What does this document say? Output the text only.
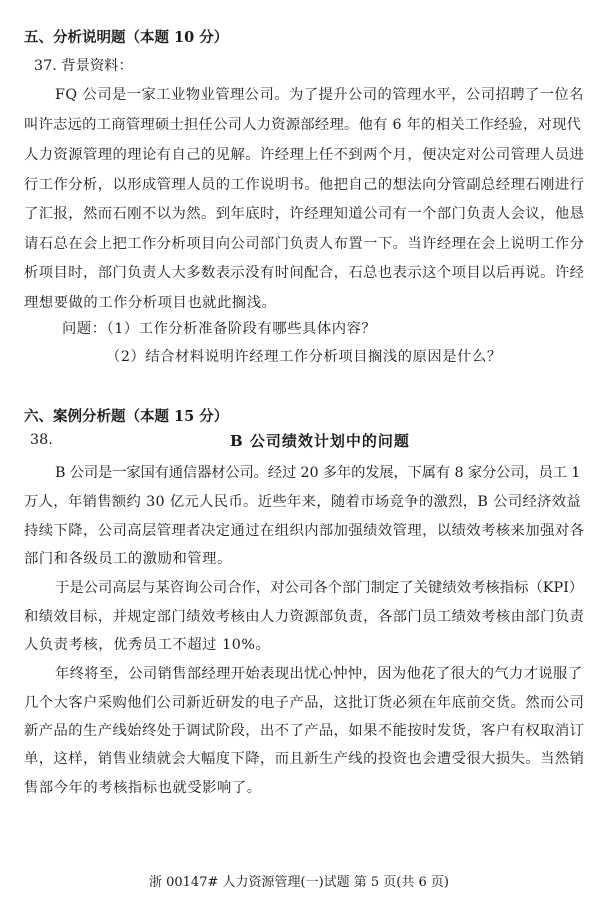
五、分析说明题（本题 10 分）
37. 背景资料：
FQ 公司是一家工业物业管理公司。为了提升公司的管理水平，公司招聘了一位名
叫许志远的工商管理硕士担任公司人力资源部经理。他有 6 年的相关工作经验，对现代
人力资源管理的理论有自己的见解。许经理上任不到两个月，便决定对公司管理人员进
行工作分析，以形成管理人员的工作说明书。他把自己的想法向分管副总经理石刚进行
了汇报，然而石刚不以为然。到年底时，许经理知道公司有一个部门负责人会议，他恳
请石总在会上把工作分析项目向公司部门负责人布置一下。当许经理在会上说明工作分
析项目时，部门负责人大多数表示没有时间配合，石总也表示这个项目以后再说。许经
理想要做的工作分析项目也就此搁浅。
问题：（1）工作分析准备阶段有哪些具体内容？
（2）结合材料说明许经理工作分析项目搁浅的原因是什么？
六、案例分析题（本题 15 分）
38.	B 公司绩效计划中的问题
B 公司是一家国有通信器材公司。经过 20 多年的发展，下属有 8 家分公司，员工 1
万人，年销售额约 30 亿元人民币。近些年来，随着市场竞争的激烈，B 公司经济效益
持续下降，公司高层管理者决定通过在组织内部加强绩效管理，以绩效考核来加强对各
部门和各级员工的激励和管理。
于是公司高层与某咨询公司合作，对公司各个部门制定了关键绩效考核指标（KPI）
和绩效目标，并规定部门绩效考核由人力资源部负责，各部门员工绩效考核由部门负责
人负责考核，优秀员工不超过 10%。
年终将至，公司销售部经理开始表现出忧心忡忡，因为他花了很大的气力才说服了
几个大客户采购他们公司新近研发的电子产品，这批订货必须在年底前交货。然而公司
新产品的生产线始终处于调试阶段，出不了产品，如果不能按时发货，客户有权取消订
单，这样，销售业绩就会大幅度下降，而且新生产线的投资也会遭受很大损失。当然销
售部今年的考核指标也就受影响了。
浙 00147# 人力资源管理(一)试题 第 5 页(共 6 页)
